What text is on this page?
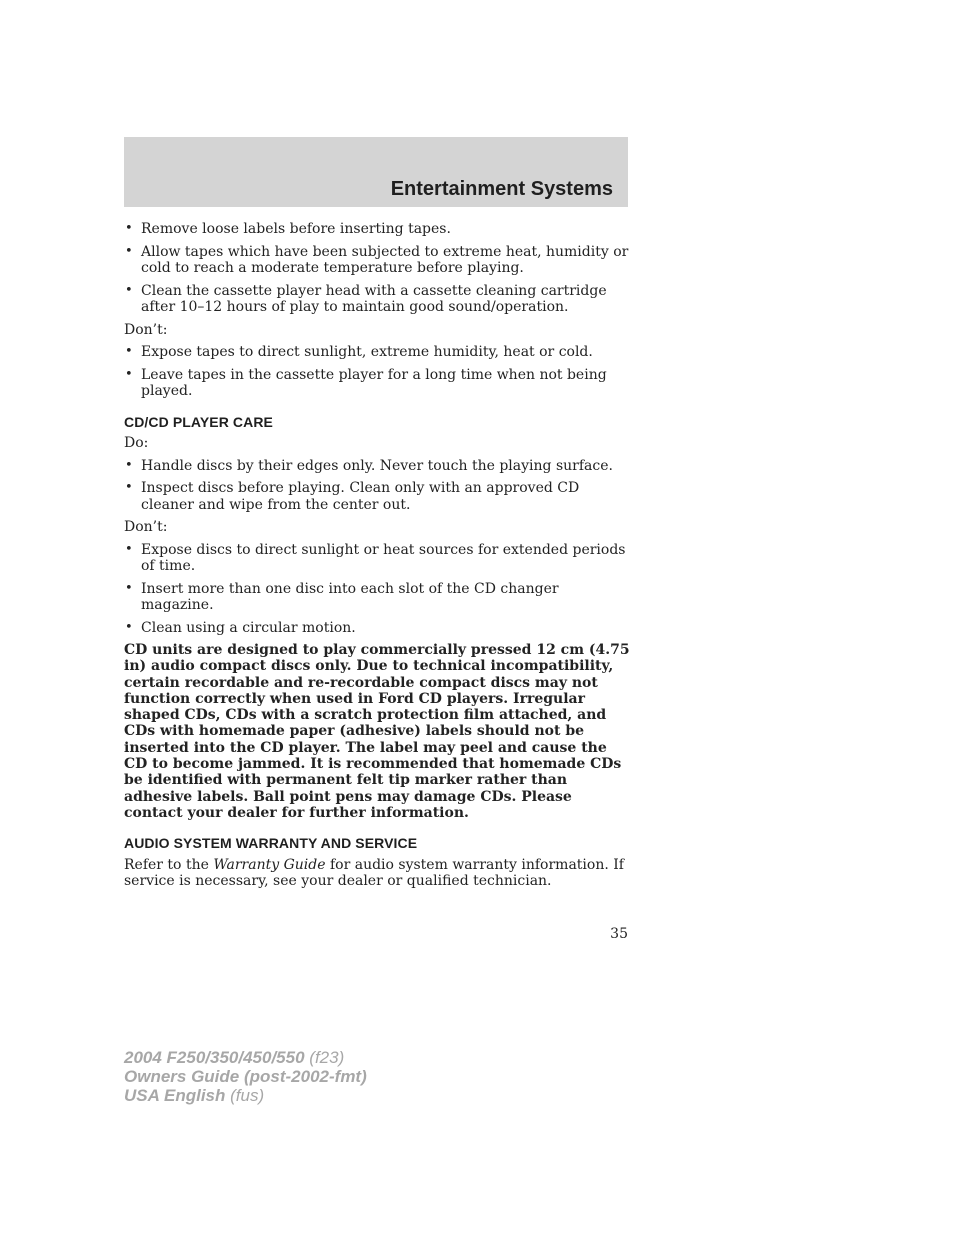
Entertainment Systems
• Remove loose labels before inserting tapes.
• Allow tapes which have been subjected to extreme heat, humidity or cold to reach a moderate temperature before playing.
• Clean the cassette player head with a cassette cleaning cartridge after 10–12 hours of play to maintain good sound/operation.

Don’t:

• Expose tapes to direct sunlight, extreme humidity, heat or cold.
• Leave tapes in the cassette player for a long time when not being played.
CD/CD PLAYER CARE

Do:

• Handle discs by their edges only. Never touch the playing surface.
• Inspect discs before playing. Clean only with an approved CD cleaner and wipe from the center out.

Don’t:

• Expose discs to direct sunlight or heat sources for extended periods of time.
• Insert more than one disc into each slot of the CD changer magazine.
• Clean using a circular motion.

CD units are designed to play commercially pressed 12 cm (4.75 in) audio compact discs only. Due to technical incompatibility, certain recordable and re-recordable compact discs may not function correctly when used in Ford CD players. Irregular shaped CDs, CDs with a scratch protection film attached, and CDs with homemade paper (adhesive) labels should not be inserted into the CD player. The label may peel and cause the CD to become jammed. It is recommended that homemade CDs be identified with permanent felt tip marker rather than adhesive labels. Ball point pens may damage CDs. Please contact your dealer for further information.

AUDIO SYSTEM WARRANTY AND SERVICE

Refer to the Warranty Guide for audio system warranty information. If service is necessary, see your dealer or qualified technician.

35
2004 F250/350/450/550 (f23)
Owners Guide (post-2002-fmt)
USA English (fus)
